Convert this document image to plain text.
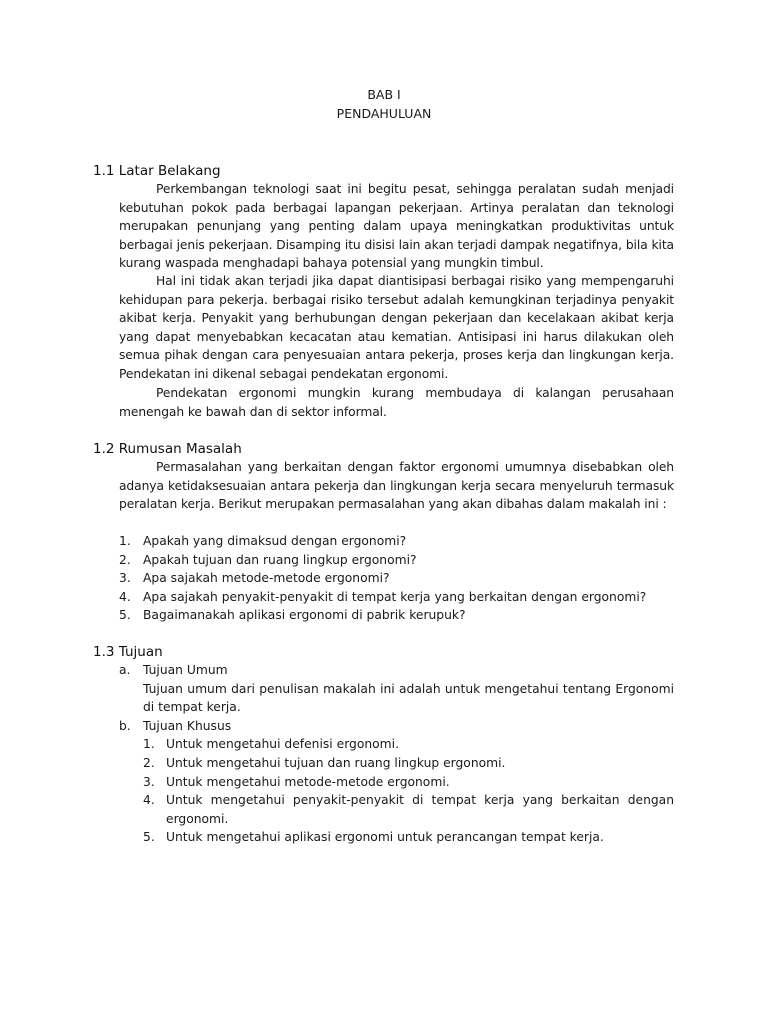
BAB I
PENDAHULUAN
1.1 Latar Belakang
Perkembangan teknologi saat ini begitu pesat, sehingga peralatan sudah menjadi kebutuhan pokok pada berbagai lapangan pekerjaan. Artinya peralatan dan teknologi merupakan penunjang yang penting dalam upaya meningkatkan produktivitas untuk berbagai jenis pekerjaan. Disamping itu disisi lain akan terjadi dampak negatifnya, bila kita kurang waspada menghadapi bahaya potensial yang mungkin timbul.
Hal ini tidak akan terjadi jika dapat diantisipasi berbagai risiko yang mempengaruhi kehidupan para pekerja. berbagai risiko tersebut adalah kemungkinan terjadinya penyakit akibat kerja. Penyakit yang berhubungan dengan pekerjaan dan kecelakaan akibat kerja yang dapat menyebabkan kecacatan atau kematian. Antisipasi ini harus dilakukan oleh semua pihak dengan cara penyesuaian antara pekerja, proses kerja dan lingkungan kerja. Pendekatan ini dikenal sebagai pendekatan ergonomi.
Pendekatan ergonomi mungkin kurang membudaya di kalangan perusahaan menengah ke bawah dan di sektor informal.
1.2 Rumusan Masalah
Permasalahan yang berkaitan dengan faktor ergonomi umumnya disebabkan oleh adanya ketidaksesuaian antara pekerja dan lingkungan kerja secara menyeluruh termasuk peralatan kerja. Berikut merupakan permasalahan yang akan dibahas dalam makalah ini :
1. Apakah yang dimaksud dengan ergonomi?
2. Apakah tujuan dan ruang lingkup ergonomi?
3. Apa sajakah metode-metode ergonomi?
4. Apa sajakah penyakit-penyakit di tempat kerja yang berkaitan dengan ergonomi?
5. Bagaimanakah aplikasi ergonomi di pabrik kerupuk?
1.3 Tujuan
a.	Tujuan Umum
Tujuan umum dari penulisan makalah ini adalah untuk mengetahui tentang Ergonomi di tempat kerja.
b. Tujuan Khusus
1. Untuk mengetahui defenisi ergonomi.
2. Untuk mengetahui tujuan dan ruang lingkup ergonomi.
3. Untuk mengetahui metode-metode ergonomi.
4. Untuk mengetahui penyakit-penyakit di tempat kerja yang berkaitan dengan ergonomi.
5. Untuk mengetahui aplikasi ergonomi untuk perancangan tempat kerja.
